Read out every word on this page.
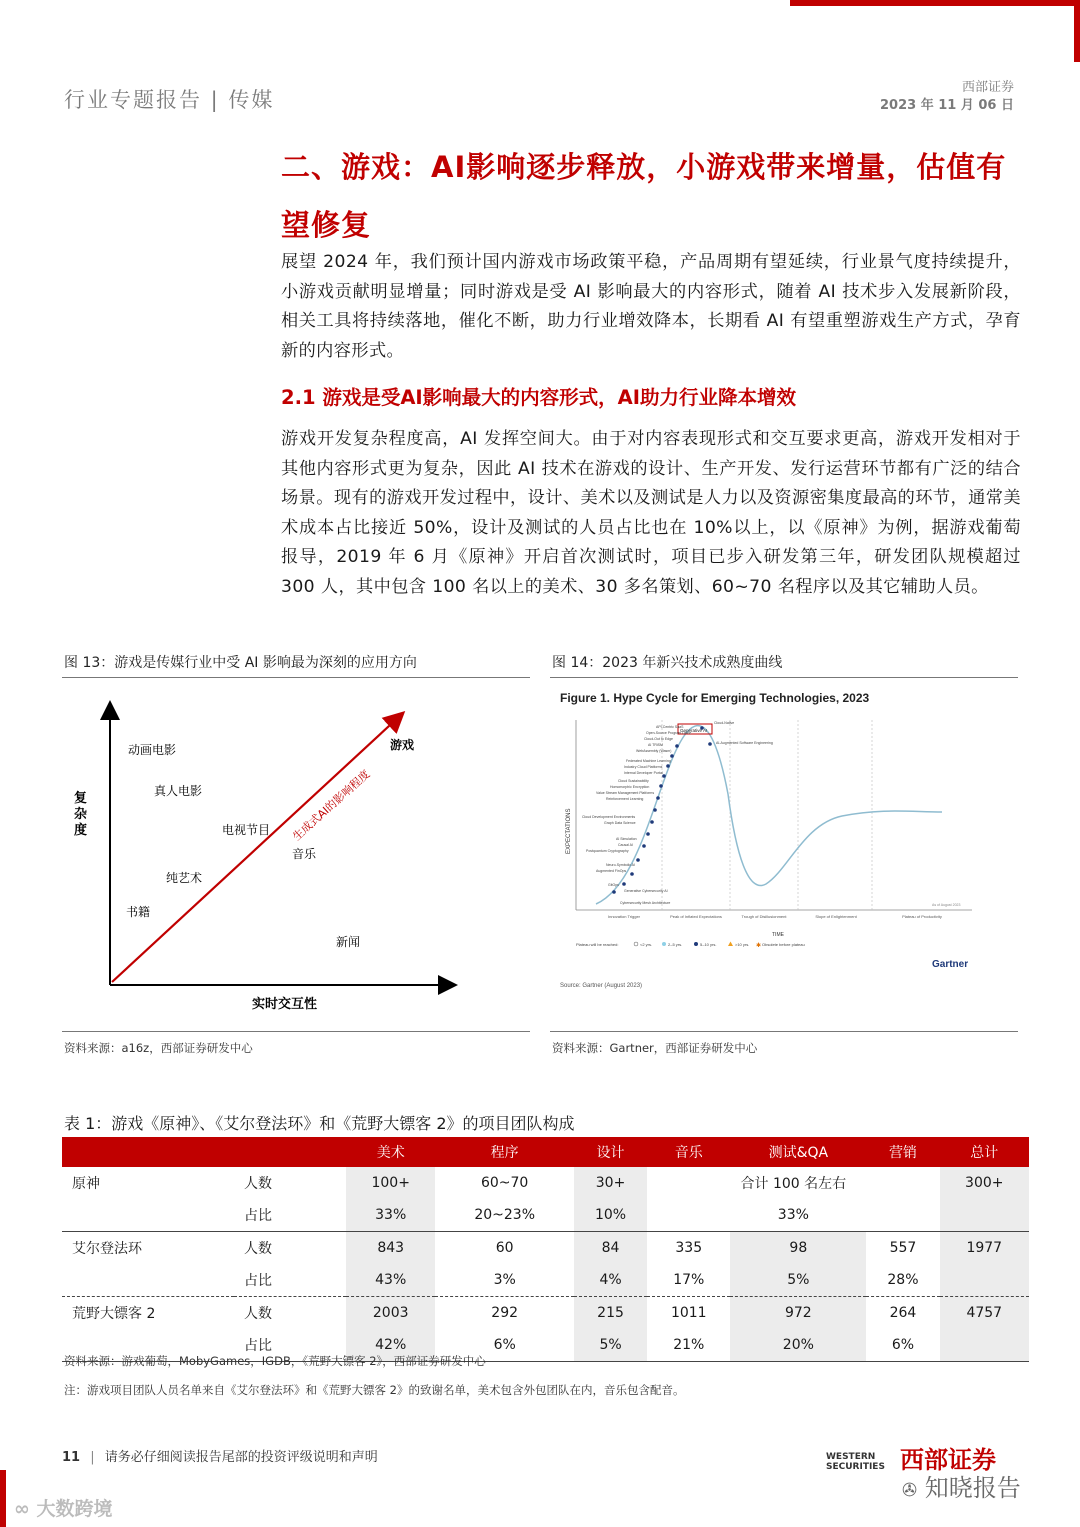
行业专题报告 | 传媒
西部证券
2023 年 11 月 06 日
二、游戏：AI影响逐步释放，小游戏带来增量，估值有望修复
展望 2024 年，我们预计国内游戏市场政策平稳，产品周期有望延续，行业景气度持续提升，小游戏贡献明显增量；同时游戏是受 AI 影响最大的内容形式，随着 AI 技术步入发展新阶段，相关工具将持续落地，催化不断，助力行业增效降本，长期看 AI 有望重塑游戏生产方式，孕育新的内容形式。
2.1 游戏是受AI影响最大的内容形式，AI助力行业降本增效
游戏开发复杂程度高，AI 发挥空间大。由于对内容表现形式和交互要求更高，游戏开发相对于其他内容形式更为复杂，因此 AI 技术在游戏的设计、生产开发、发行运营环节都有广泛的结合场景。现有的游戏开发过程中，设计、美术以及测试是人力以及资源密集度最高的环节，通常美术成本占比接近 50%，设计及测试的人员占比也在 10%以上，以《原神》为例，据游戏葡萄报导，2019 年 6 月《原神》开启首次测试时，项目已步入研发第三年，研发团队规模超过 300 人，其中包含 100 名以上的美术、30 多名策划、60~70 名程序以及其它辅助人员。
图 13：游戏是传媒行业中受 AI 影响最为深刻的应用方向
生成式AI的影响程度
游戏
动画电影
真人电影
电视节目
音乐
纯艺术
书籍
新闻
实时交互性
复杂度
资料来源：a16z，西部证券研发中心
图 14：2023 年新兴技术成熟度曲线
Figure 1. Hype Cycle for Emerging Technologies, 2023
EXPECTATIONS
TIME
Generative AI
API-Centric SaaS
Open-Source Program Office
Cloud-Out to Edge
AI TRiSM
WebAssembly (Wasm)
Federated Machine Learning
Industry Cloud Platforms
Internal Developer Portal
Cloud Sustainability
Homomorphic Encryption
Value Stream Management Platforms
Reinforcement Learning
Cloud Development Environments
Graph Data Science
AI Simulation
Causal AI
Postquantum Cryptography
Neuro-Symbolic AI
Augmented FinOps
GitOps
Generative Cybersecurity AI
Cybersecurity Mesh Architecture
Cloud-Native
AI-Augmented Software Engineering
Innovation Trigger	Peak of Inflated Expectations	Trough of Disillusionment	Slope of Enlightenment	Plateau of Productivity
As of August 2023
Plateau will be reached:	<2 yrs.	2–5 yrs.	5–10 yrs.	>10 yrs. ✱ Obsolete before plateau
Gartner
Source: Gartner (August 2023)
资料来源：Gartner，西部证券研发中心
表 1：游戏《原神》、《艾尔登法环》和《荒野大镖客 2》的项目团队构成
		美术	程序	设计	音乐	测试&QA	营销	总计
原神	人数	100+	60~70	30+	合计 100 名左右			300+
	占比	33%	20~23%	10%	33%			
艾尔登法环	人数	843	60	84	335	98	557	1977
	占比	43%	3%	4%	17%	5%	28%	
荒野大镖客 2	人数	2003	292	215	1011	972	264	4757
	占比	42%	6%	5%	21%	20%	6%	
资料来源：游戏葡萄，MobyGames，IGDB，《荒野大镖客 2》，西部证券研发中心
注：游戏项目团队人员名单来自《艾尔登法环》和《荒野大镖客 2》的致谢名单，美术包含外包团队在内，音乐包含配音。
11 | 请务必仔细阅读报告尾部的投资评级说明和声明	WESTERN SECURITIES 西部证券
✇ 知晓报告
∞ 大数跨境
